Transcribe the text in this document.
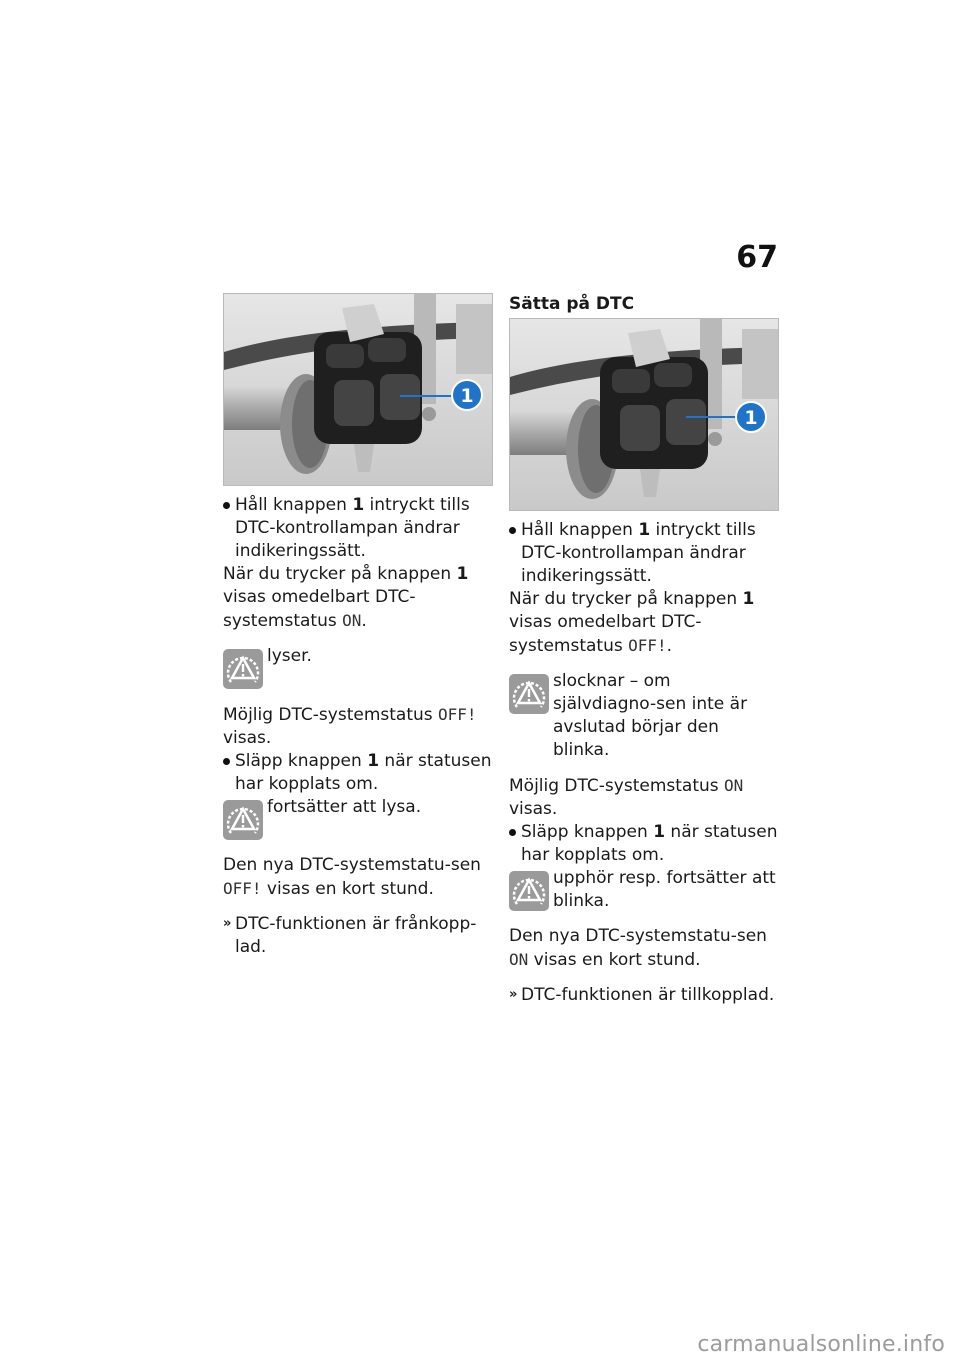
67
1

Håll knappen 1 intryckt tills DTC-kontrollampan ändrar indikeringssätt.

När du trycker på knappen 1 visas omedelbart DTC-systemstatus ON.

lyser.

Möjlig DTC-systemstatus OFF! visas.

Släpp knappen 1 när statusen har kopplats om.

fortsätter att lysa.

Den nya DTC-systemstatu-sen OFF! visas en kort stund.

» DTC-funktionen är frånkopp-lad.

Sätta på DTC
1

Håll knappen 1 intryckt tills DTC-kontrollampan ändrar indikeringssätt.

När du trycker på knappen 1 visas omedelbart DTC-systemstatus OFF!.

slocknar – om självdiagno-sen inte är avslutad börjar den blinka.

Möjlig DTC-systemstatus ON visas.

Släpp knappen 1 när statusen har kopplats om.

upphör resp. fortsätter att blinka.

Den nya DTC-systemstatu-sen ON visas en kort stund.

» DTC-funktionen är tillkopplad.

carmanualsonline.info
